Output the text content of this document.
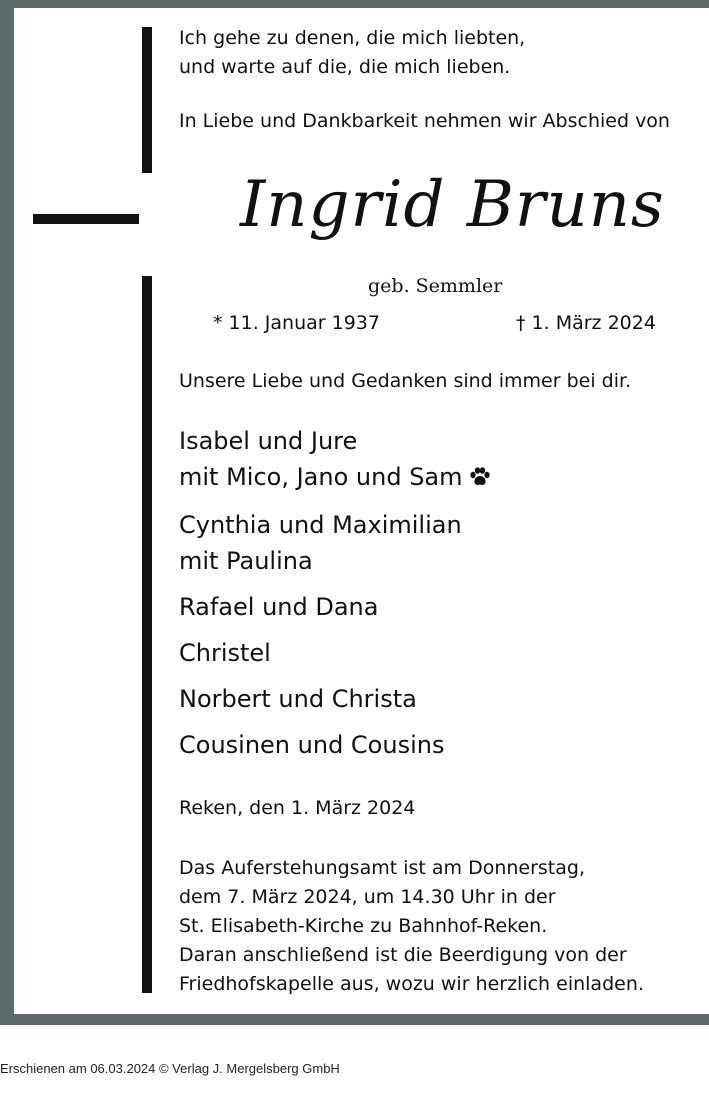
Ich gehe zu denen, die mich liebten,
und warte auf die, die mich lieben.
In Liebe und Dankbarkeit nehmen wir Abschied von
Ingrid Bruns
geb. Semmler
* 11. Januar 1937	† 1. März 2024
Unsere Liebe und Gedanken sind immer bei dir.
Isabel und Jure
mit Mico, Jano und Sam
Cynthia und Maximilian
mit Paulina
Rafael und Dana
Christel
Norbert und Christa
Cousinen und Cousins
Reken, den 1. März 2024
Das Auferstehungsamt ist am Donnerstag,
dem 7. März 2024, um 14.30 Uhr in der
St. Elisabeth-Kirche zu Bahnhof-Reken.
Daran anschließend ist die Beerdigung von der
Friedhofskapelle aus, wozu wir herzlich einladen.
Erschienen am 06.03.2024 © Verlag J. Mergelsberg GmbH
